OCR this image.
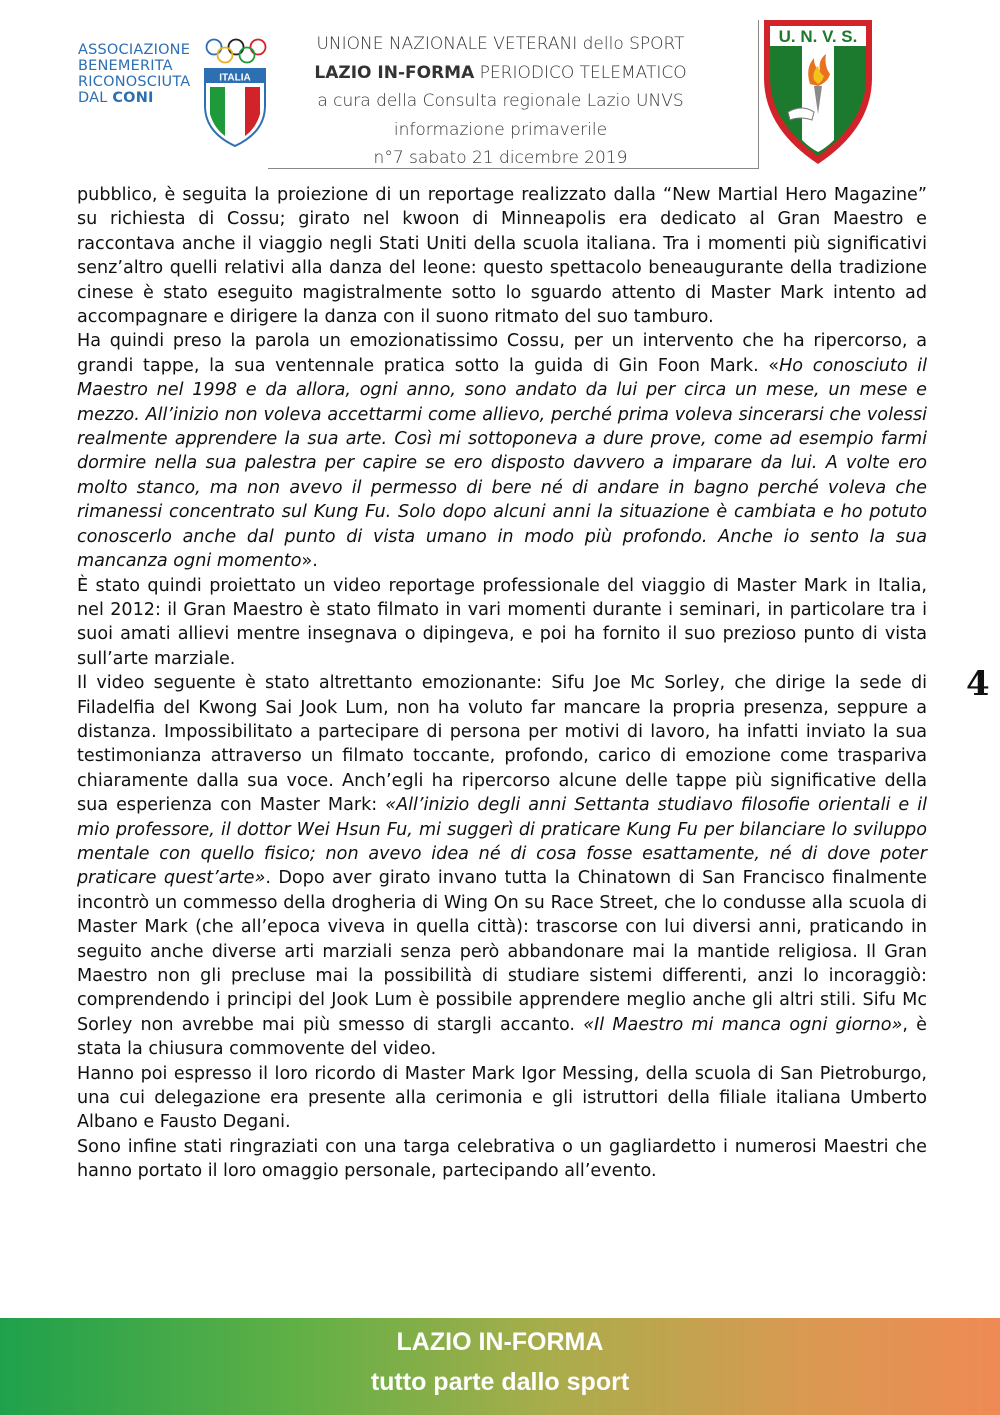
ASSOCIAZIONE
BENEMERITA
RICONOSCIUTA
DAL CONI
ITALIA
UNIONE NAZIONALE VETERANI dello SPORT
LAZIO IN-FORMA PERIODICO TELEMATICO
a cura della Consulta regionale Lazio UNVS
informazione primaverile
n°7 sabato 21 dicembre 2019
U. N. V. S.

pubblico, è seguita la proiezione di un reportage realizzato dalla “New Martial Hero Magazine” su richiesta di Cossu; girato nel kwoon di Minneapolis era dedicato al Gran Maestro e raccontava anche il viaggio negli Stati Uniti della scuola italiana. Tra i momenti più significativi senz’altro quelli relativi alla danza del leone: questo spettacolo beneaugurante della tradizione cinese è stato eseguito magistralmente sotto lo sguardo attento di Master Mark intento ad accompagnare e dirigere la danza con il suono ritmato del suo tamburo.

Ha quindi preso la parola un emozionatissimo Cossu, per un intervento che ha ripercorso, a grandi tappe, la sua ventennale pratica sotto la guida di Gin Foon Mark. «Ho conosciuto il Maestro nel 1998 e da allora, ogni anno, sono andato da lui per circa un mese, un mese e mezzo. All’inizio non voleva accettarmi come allievo, perché prima voleva sincerarsi che volessi realmente apprendere la sua arte. Così mi sottoponeva a dure prove, come ad esempio farmi dormire nella sua palestra per capire se ero disposto davvero a imparare da lui. A volte ero molto stanco, ma non avevo il permesso di bere né di andare in bagno perché voleva che rimanessi concentrato sul Kung Fu. Solo dopo alcuni anni la situazione è cambiata e ho potuto conoscerlo anche dal punto di vista umano in modo più profondo. Anche io sento la sua mancanza ogni momento».

È stato quindi proiettato un video reportage professionale del viaggio di Master Mark in Italia, nel 2012: il Gran Maestro è stato filmato in vari momenti durante i seminari, in particolare tra i suoi amati allievi mentre insegnava o dipingeva, e poi ha fornito il suo prezioso punto di vista sull’arte marziale.

Il video seguente è stato altrettanto emozionante: Sifu Joe Mc Sorley, che dirige la sede di Filadelfia del Kwong Sai Jook Lum, non ha voluto far mancare la propria presenza, seppure a distanza. Impossibilitato a partecipare di persona per motivi di lavoro, ha infatti inviato la sua testimonianza attraverso un filmato toccante, profondo, carico di emozione come traspariva chiaramente dalla sua voce. Anch’egli ha ripercorso alcune delle tappe più significative della sua esperienza con Master Mark: «All’inizio degli anni Settanta studiavo filosofie orientali e il mio professore, il dottor Wei Hsun Fu, mi suggerì di praticare Kung Fu per bilanciare lo sviluppo mentale con quello fisico; non avevo idea né di cosa fosse esattamente, né di dove poter praticare quest’arte». Dopo aver girato invano tutta la Chinatown di San Francisco finalmente incontrò un commesso della drogheria di Wing On su Race Street, che lo condusse alla scuola di Master Mark (che all’epoca viveva in quella città): trascorse con lui diversi anni, praticando in seguito anche diverse arti marziali senza però abbandonare mai la mantide religiosa. Il Gran Maestro non gli precluse mai la possibilità di studiare sistemi differenti, anzi lo incoraggiò: comprendendo i principi del Jook Lum è possibile apprendere meglio anche gli altri stili. Sifu Mc Sorley non avrebbe mai più smesso di stargli accanto. «Il Maestro mi manca ogni giorno», è stata la chiusura commovente del video.

Hanno poi espresso il loro ricordo di Master Mark Igor Messing, della scuola di San Pietroburgo, una cui delegazione era presente alla cerimonia e gli istruttori della filiale italiana Umberto Albano e Fausto Degani.

Sono infine stati ringraziati con una targa celebrativa o un gagliardetto i numerosi Maestri che hanno portato il loro omaggio personale, partecipando all’evento.

4
LAZIO IN-FORMA
tutto parte dallo sport
